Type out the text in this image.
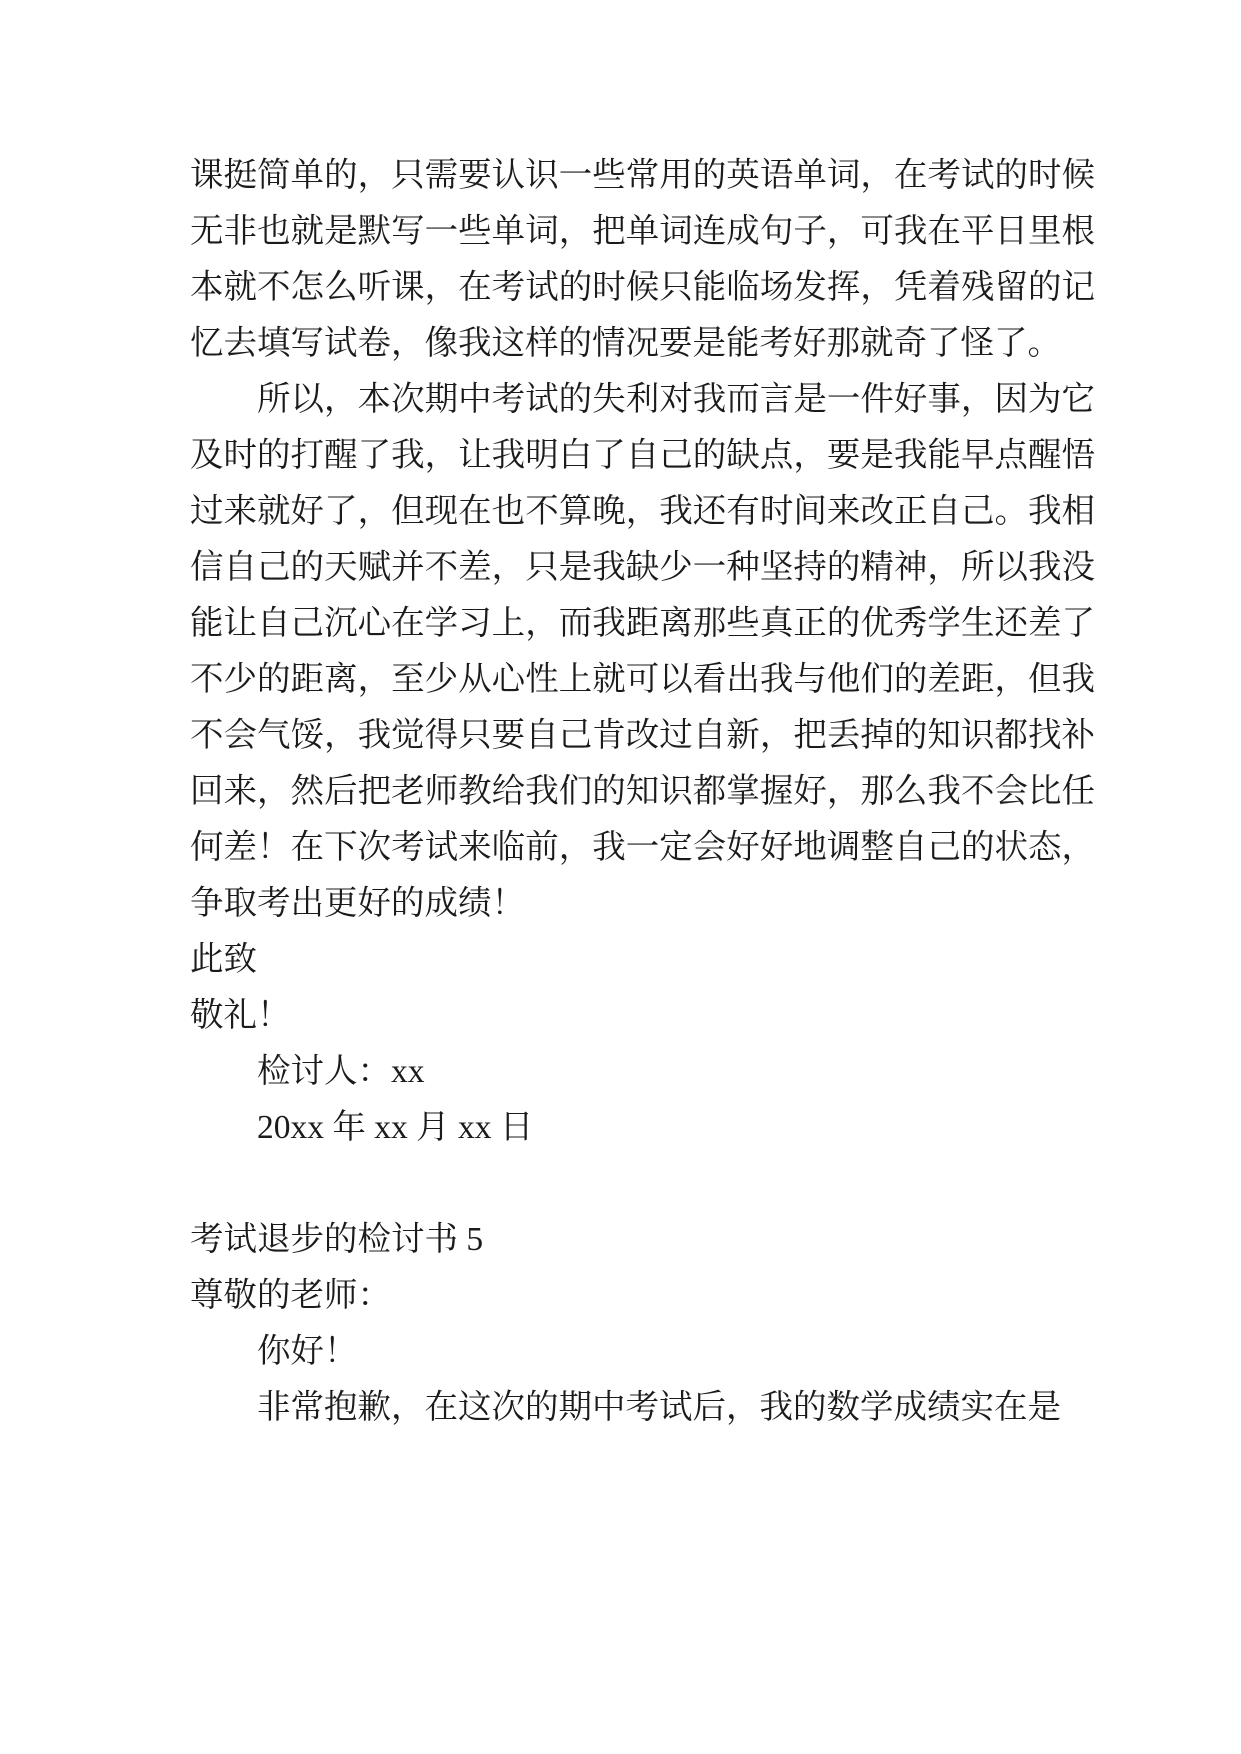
课挺简单的，只需要认识一些常用的英语单词，在考试的时候无非也就是默写一些单词，把单词连成句子，可我在平日里根本就不怎么听课，在考试的时候只能临场发挥，凭着残留的记忆去填写试卷，像我这样的情况要是能考好那就奇了怪了。

所以，本次期中考试的失利对我而言是一件好事，因为它及时的打醒了我，让我明白了自己的缺点，要是我能早点醒悟过来就好了，但现在也不算晚，我还有时间来改正自己。我相信自己的天赋并不差，只是我缺少一种坚持的精神，所以我没能让自己沉心在学习上，而我距离那些真正的优秀学生还差了不少的距离，至少从心性上就可以看出我与他们的差距，但我不会气馁，我觉得只要自己肯改过自新，把丢掉的知识都找补回来，然后把老师教给我们的知识都掌握好，那么我不会比任何差！在下次考试来临前，我一定会好好地调整自己的状态，争取考出更好的成绩！

此致

敬礼！

检讨人：xx

20xx 年 xx 月 xx 日

考试退步的检讨书 5

尊敬的老师：

你好！

非常抱歉，在这次的期中考试后，我的数学成绩实在是
